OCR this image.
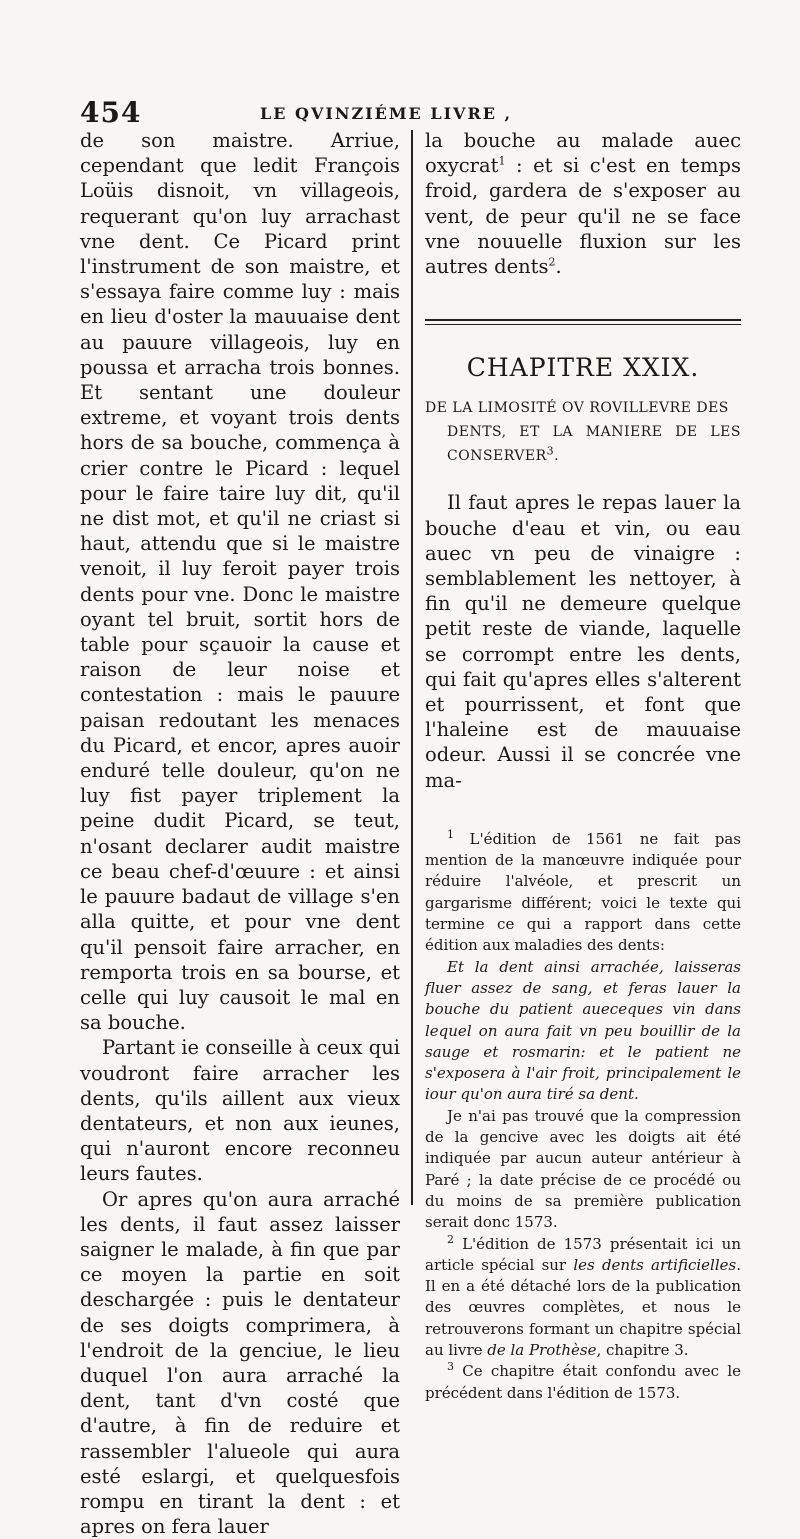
454	LE QVINZIÉME LIVRE ,

de son maistre. Arriue, cependant que ledit François Loüis disnoit, vn villageois, requerant qu'on luy arrachast vne dent. Ce Picard print l'instrument de son maistre, et s'essaya faire comme luy : mais en lieu d'oster la mauuaise dent au pauure villageois, luy en poussa et arracha trois bonnes. Et sentant une douleur extreme, et voyant trois dents hors de sa bouche, commença à crier contre le Picard : lequel pour le faire taire luy dit, qu'il ne dist mot, et qu'il ne criast si haut, attendu que si le maistre venoit, il luy feroit payer trois dents pour vne. Donc le maistre oyant tel bruit, sortit hors de table pour sçauoir la cause et raison de leur noise et contestation : mais le pauure paisan redoutant les menaces du Picard, et encor, apres auoir enduré telle douleur, qu'on ne luy fist payer triplement la peine dudit Picard, se teut, n'osant declarer audit maistre ce beau chef-d'œuure : et ainsi le pauure badaut de village s'en alla quitte, et pour vne dent qu'il pensoit faire arracher, en remporta trois en sa bourse, et celle qui luy causoit le mal en sa bouche.

Partant ie conseille à ceux qui voudront faire arracher les dents, qu'ils aillent aux vieux dentateurs, et non aux ieunes, qui n'auront encore reconneu leurs fautes.

Or apres qu'on aura arraché les dents, il faut assez laisser saigner le malade, à fin que par ce moyen la partie en soit deschargée : puis le dentateur de ses doigts comprimera, à l'endroit de la genciue, le lieu duquel l'on aura arraché la dent, tant d'vn costé que d'autre, à fin de reduire et rassembler l'alueole qui aura esté eslargi, et quelquesfois rompu en tirant la dent : et apres on fera lauer

la bouche au malade auec oxycrat$^1$ : et si c'est en temps froid, gardera de s'exposer au vent, de peur qu'il ne se face vne nouuelle fluxion sur les autres dents$^2$.

CHAPITRE XXIX.
DE LA LIMOSITÉ OV ROVILLEVRE DES
DENTS, ET LA MANIERE DE LES CONSERVER$^3$.

Il faut apres le repas lauer la bouche d'eau et vin, ou eau auec vn peu de vinaigre : semblablement les nettoyer, à fin qu'il ne demeure quelque petit reste de viande, laquelle se corrompt entre les dents, qui fait qu'apres elles s'alterent et pourrissent, et font que l'haleine est de mauuaise odeur. Aussi il se concrée vne ma-

$^1$ L'édition de 1561 ne fait pas mention de la manœuvre indiquée pour réduire l'alvéole, et prescrit un gargarisme différent; voici le texte qui termine ce qui a rapport dans cette édition aux maladies des dents:

Et la dent ainsi arrachée, laisseras fluer assez de sang, et feras lauer la bouche du patient aueceques vin dans lequel on aura fait vn peu bouillir de la sauge et rosmarin: et le patient ne s'exposera à l'air froit, principalement le iour qu'on aura tiré sa dent.

Je n'ai pas trouvé que la compression de la gencive avec les doigts ait été indiquée par aucun auteur antérieur à Paré ; la date précise de ce procédé ou du moins de sa première publication serait donc 1573.

$^2$ L'édition de 1573 présentait ici un article spécial sur les dents artificielles. Il en a été détaché lors de la publication des œuvres complètes, et nous le retrouverons formant un chapitre spécial au livre de la Prothèse, chapitre 3.

$^3$ Ce chapitre était confondu avec le précédent dans l'édition de 1573.
